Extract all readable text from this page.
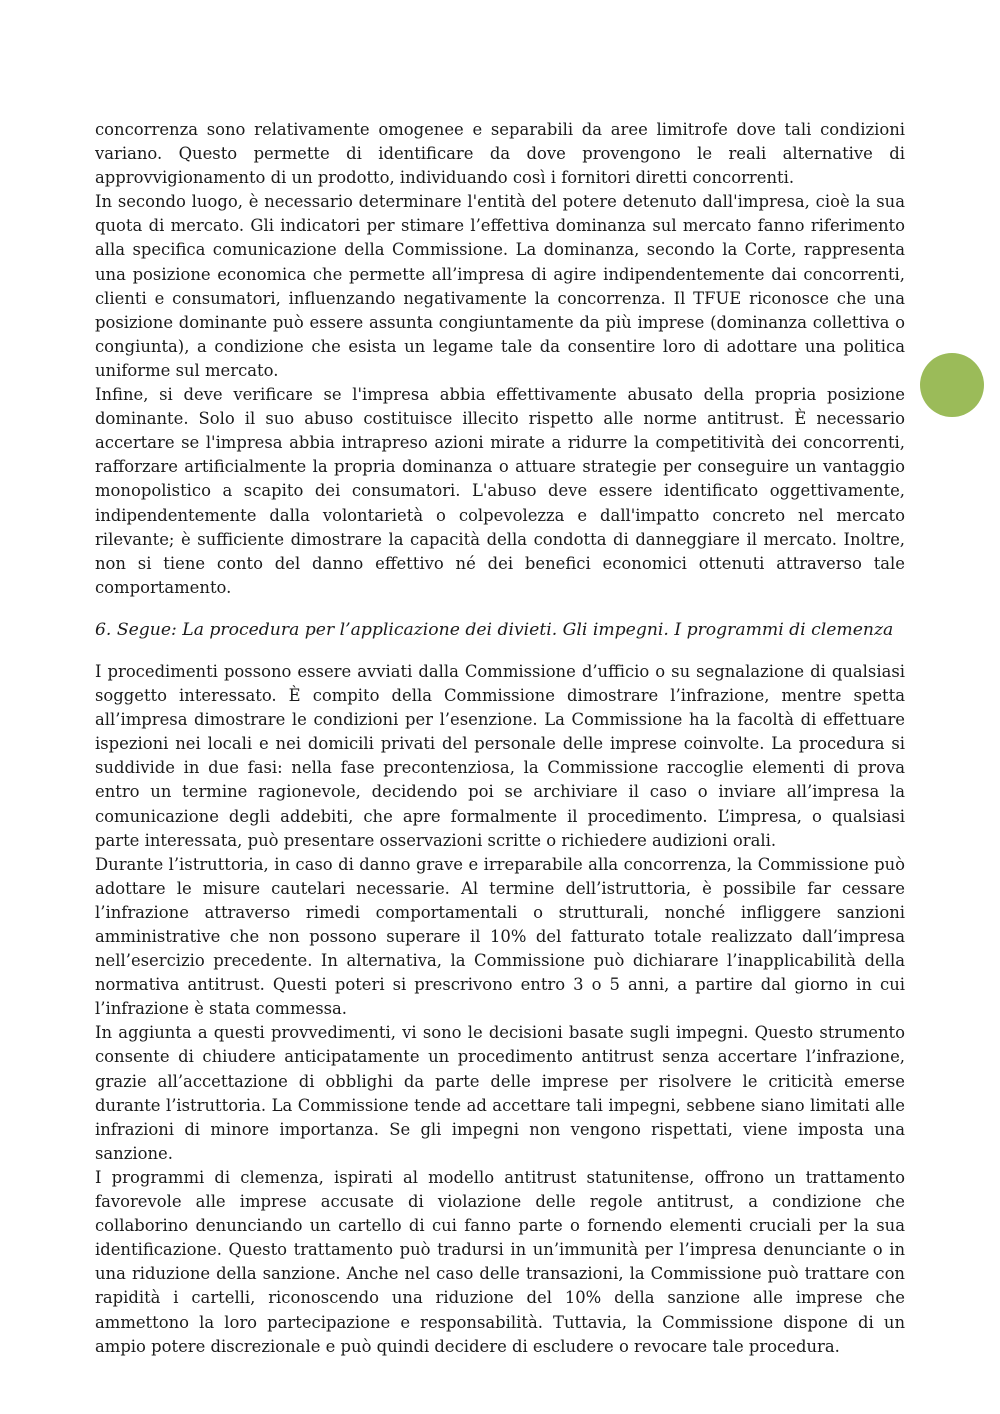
concorrenza sono relativamente omogenee e separabili da aree limitrofe dove tali condizioni variano. Questo permette di identificare da dove provengono le reali alternative di approvvigionamento di un prodotto, individuando così i fornitori diretti concorrenti.

In secondo luogo, è necessario determinare l'entità del potere detenuto dall'impresa, cioè la sua quota di mercato. Gli indicatori per stimare l’effettiva dominanza sul mercato fanno riferimento alla specifica comunicazione della Commissione. La dominanza, secondo la Corte, rappresenta una posizione economica che permette all’impresa di agire indipendentemente dai concorrenti, clienti e consumatori, influenzando negativamente la concorrenza. Il TFUE riconosce che una posizione dominante può essere assunta congiuntamente da più imprese (dominanza collettiva o congiunta), a condizione che esista un legame tale da consentire loro di adottare una politica uniforme sul mercato.

Infine, si deve verificare se l'impresa abbia effettivamente abusato della propria posizione dominante. Solo il suo abuso costituisce illecito rispetto alle norme antitrust. È necessario accertare se l'impresa abbia intrapreso azioni mirate a ridurre la competitività dei concorrenti, rafforzare artificialmente la propria dominanza o attuare strategie per conseguire un vantaggio monopolistico a scapito dei consumatori. L'abuso deve essere identificato oggettivamente, indipendentemente dalla volontarietà o colpevolezza e dall'impatto concreto nel mercato rilevante; è sufficiente dimostrare la capacità della condotta di danneggiare il mercato. Inoltre, non si tiene conto del danno effettivo né dei benefici economici ottenuti attraverso tale comportamento.

6. Segue: La procedura per l’applicazione dei divieti. Gli impegni. I programmi di clemenza

I procedimenti possono essere avviati dalla Commissione d’ufficio o su segnalazione di qualsiasi soggetto interessato. È compito della Commissione dimostrare l’infrazione, mentre spetta all’impresa dimostrare le condizioni per l’esenzione. La Commissione ha la facoltà di effettuare ispezioni nei locali e nei domicili privati del personale delle imprese coinvolte. La procedura si suddivide in due fasi: nella fase precontenziosa, la Commissione raccoglie elementi di prova entro un termine ragionevole, decidendo poi se archiviare il caso o inviare all’impresa la comunicazione degli addebiti, che apre formalmente il procedimento. L’impresa, o qualsiasi parte interessata, può presentare osservazioni scritte o richiedere audizioni orali.

Durante l’istruttoria, in caso di danno grave e irreparabile alla concorrenza, la Commissione può adottare le misure cautelari necessarie. Al termine dell’istruttoria, è possibile far cessare l’infrazione attraverso rimedi comportamentali o strutturali, nonché infliggere sanzioni amministrative che non possono superare il 10% del fatturato totale realizzato dall’impresa nell’esercizio precedente. In alternativa, la Commissione può dichiarare l’inapplicabilità della normativa antitrust. Questi poteri si prescrivono entro 3 o 5 anni, a partire dal giorno in cui l’infrazione è stata commessa.

In aggiunta a questi provvedimenti, vi sono le decisioni basate sugli impegni. Questo strumento consente di chiudere anticipatamente un procedimento antitrust senza accertare l’infrazione, grazie all’accettazione di obblighi da parte delle imprese per risolvere le criticità emerse durante l’istruttoria. La Commissione tende ad accettare tali impegni, sebbene siano limitati alle infrazioni di minore importanza. Se gli impegni non vengono rispettati, viene imposta una sanzione.

I programmi di clemenza, ispirati al modello antitrust statunitense, offrono un trattamento favorevole alle imprese accusate di violazione delle regole antitrust, a condizione che collaborino denunciando un cartello di cui fanno parte o fornendo elementi cruciali per la sua identificazione. Questo trattamento può tradursi in un’immunità per l’impresa denunciante o in una riduzione della sanzione. Anche nel caso delle transazioni, la Commissione può trattare con rapidità i cartelli, riconoscendo una riduzione del 10% della sanzione alle imprese che ammettono la loro partecipazione e responsabilità. Tuttavia, la Commissione dispone di un ampio potere discrezionale e può quindi decidere di escludere o revocare tale procedura.
